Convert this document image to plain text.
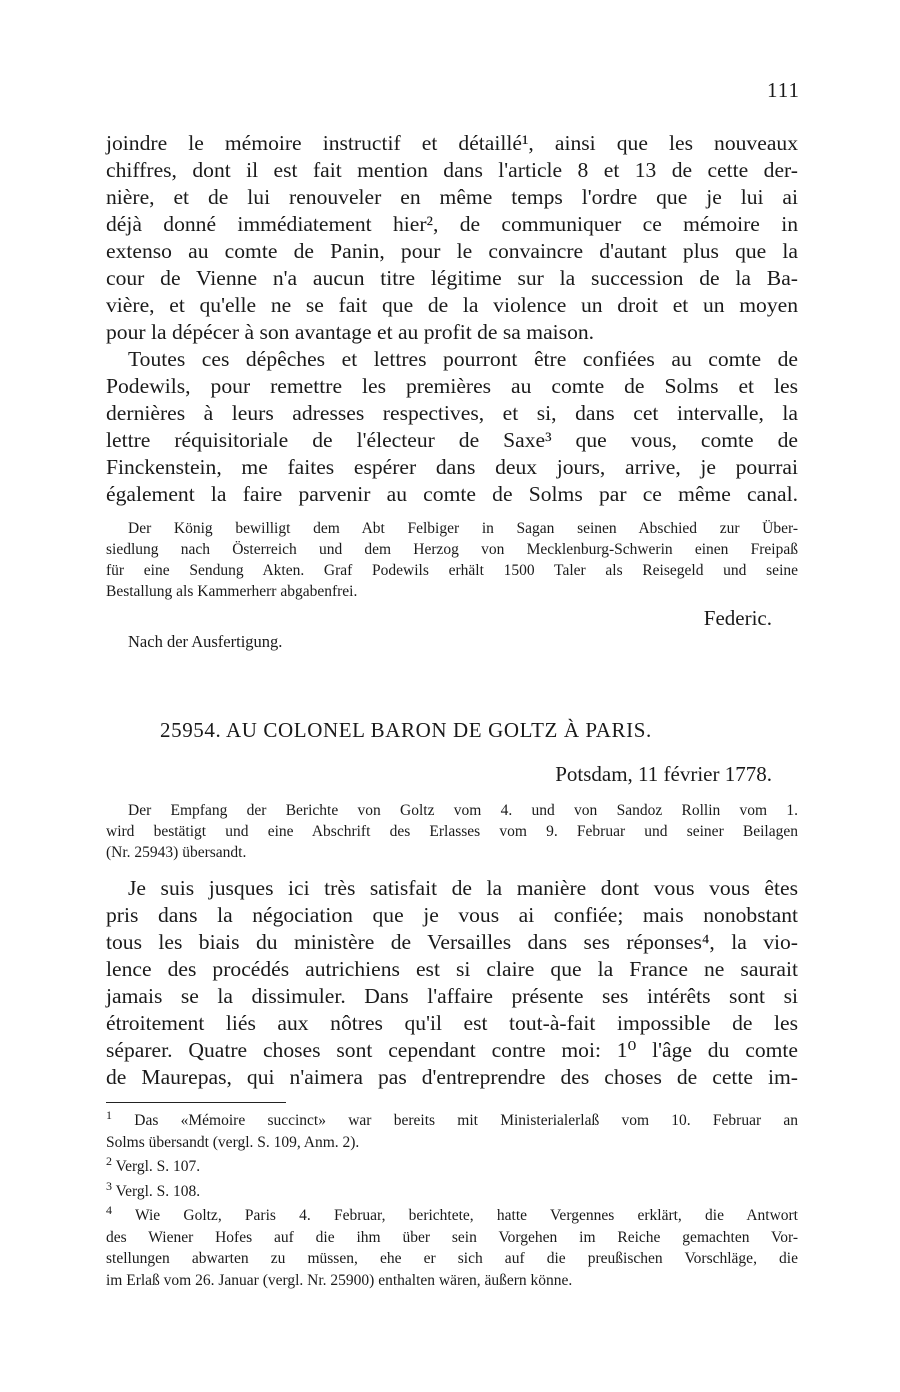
111

joindre le mémoire instructif et détaillé¹, ainsi que les nouveaux
chiffres, dont il est fait mention dans l'article 8 et 13 de cette der-
nière, et de lui renouveler en même temps l'ordre que je lui ai
déjà donné immédiatement hier², de communiquer ce mémoire in
extenso au comte de Panin, pour le convaincre d'autant plus que la
cour de Vienne n'a aucun titre légitime sur la succession de la Ba-
vière, et qu'elle ne se fait que de la violence un droit et un moyen
pour la dépécer à son avantage et au profit de sa maison.

Toutes ces dépêches et lettres pourront être confiées au comte de
Podewils, pour remettre les premières au comte de Solms et les
dernières à leurs adresses respectives, et si, dans cet intervalle, la
lettre réquisitoriale de l'électeur de Saxe³ que vous, comte de
Finckenstein, me faites espérer dans deux jours, arrive, je pourrai
également la faire parvenir au comte de Solms par ce même canal.

Der König bewilligt dem Abt Felbiger in Sagan seinen Abschied zur Über-
siedlung nach Österreich und dem Herzog von Mecklenburg-Schwerin einen Freipaß
für eine Sendung Akten. Graf Podewils erhält 1500 Taler als Reisegeld und seine
Bestallung als Kammerherr abgabenfrei.

Federic.
Nach der Ausfertigung.
25954. AU COLONEL BARON DE GOLTZ À PARIS.
Potsdam, 11 février 1778.

Der Empfang der Berichte von Goltz vom 4. und von Sandoz Rollin vom 1.
wird bestätigt und eine Abschrift des Erlasses vom 9. Februar und seiner Beilagen
(Nr. 25943) übersandt.

Je suis jusques ici très satisfait de la manière dont vous vous êtes
pris dans la négociation que je vous ai confiée; mais nonobstant
tous les biais du ministère de Versailles dans ses réponses⁴, la vio-
lence des procédés autrichiens est si claire que la France ne saurait
jamais se la dissimuler. Dans l'affaire présente ses intérêts sont si
étroitement liés aux nôtres qu'il est tout-à-fait impossible de les
séparer. Quatre choses sont cependant contre moi: 1⁰ l'âge du comte
de Maurepas, qui n'aimera pas d'entreprendre des choses de cette im-

$^1$ Das «Mémoire succinct» war bereits mit Ministerialerlaß vom 10. Februar an
Solms übersandt (vergl. S. 109, Anm. 2).
$^2$ Vergl. S. 107.
$^3$ Vergl. S. 108.
$^4$ Wie Goltz, Paris 4. Februar, berichtete, hatte Vergennes erklärt, die Antwort
des Wiener Hofes auf die ihm über sein Vorgehen im Reiche gemachten Vor-
stellungen abwarten zu müssen, ehe er sich auf die preußischen Vorschläge, die
im Erlaß vom 26. Januar (vergl. Nr. 25900) enthalten wären, äußern könne.
